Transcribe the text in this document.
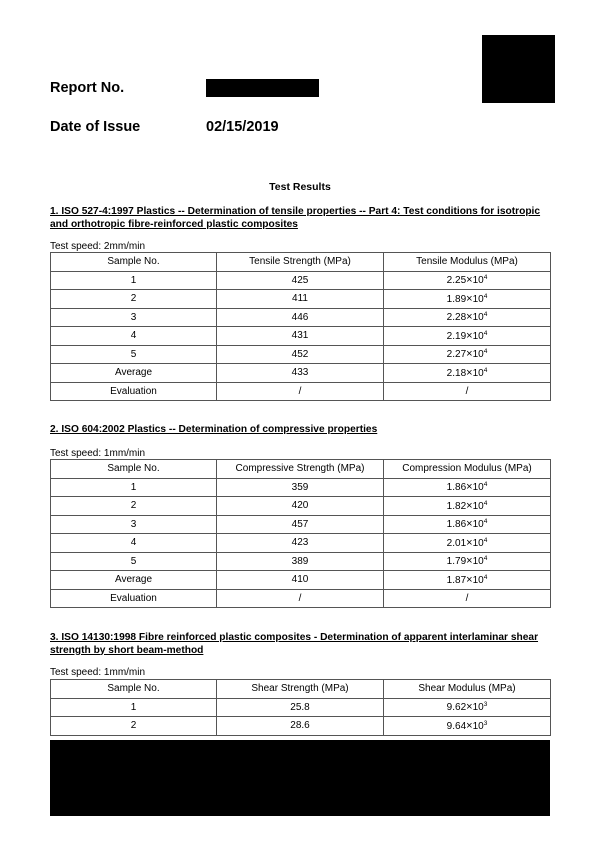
Report No.
Date of Issue	02/15/2019
Test Results
1. ISO 527-4:1997 Plastics -- Determination of tensile properties -- Part 4: Test conditions for isotropic and orthotropic fibre-reinforced plastic composites
Test speed: 2mm/min
Sample No.	Tensile Strength (MPa)	Tensile Modulus (MPa)
1	425	$2.25\times 10^4$
2	411	$1.89\times 10^4$
3	446	$2.28\times 10^4$
4	431	$2.19\times 10^4$
5	452	$2.27\times 10^4$
Average	433	$2.18\times 10^4$
Evaluation	/	/
2. ISO 604:2002 Plastics -- Determination of compressive properties
Test speed: 1mm/min
Sample No.	Compressive Strength (MPa)	Compression Modulus (MPa)
1	359	$1.86\times 10^4$
2	420	$1.82\times 10^4$
3	457	$1.86\times 10^4$
4	423	$2.01\times 10^4$
5	389	$1.79\times 10^4$
Average	410	$1.87\times 10^4$
Evaluation	/	/
3. ISO 14130:1998 Fibre reinforced plastic composites - Determination of apparent interlaminar shear strength by short beam-method
Test speed: 1mm/min
Sample No.	Shear Strength (MPa)	Shear Modulus (MPa)
1	25.8	$9.62\times 10^3$
2	28.6	$9.64\times 10^3$
